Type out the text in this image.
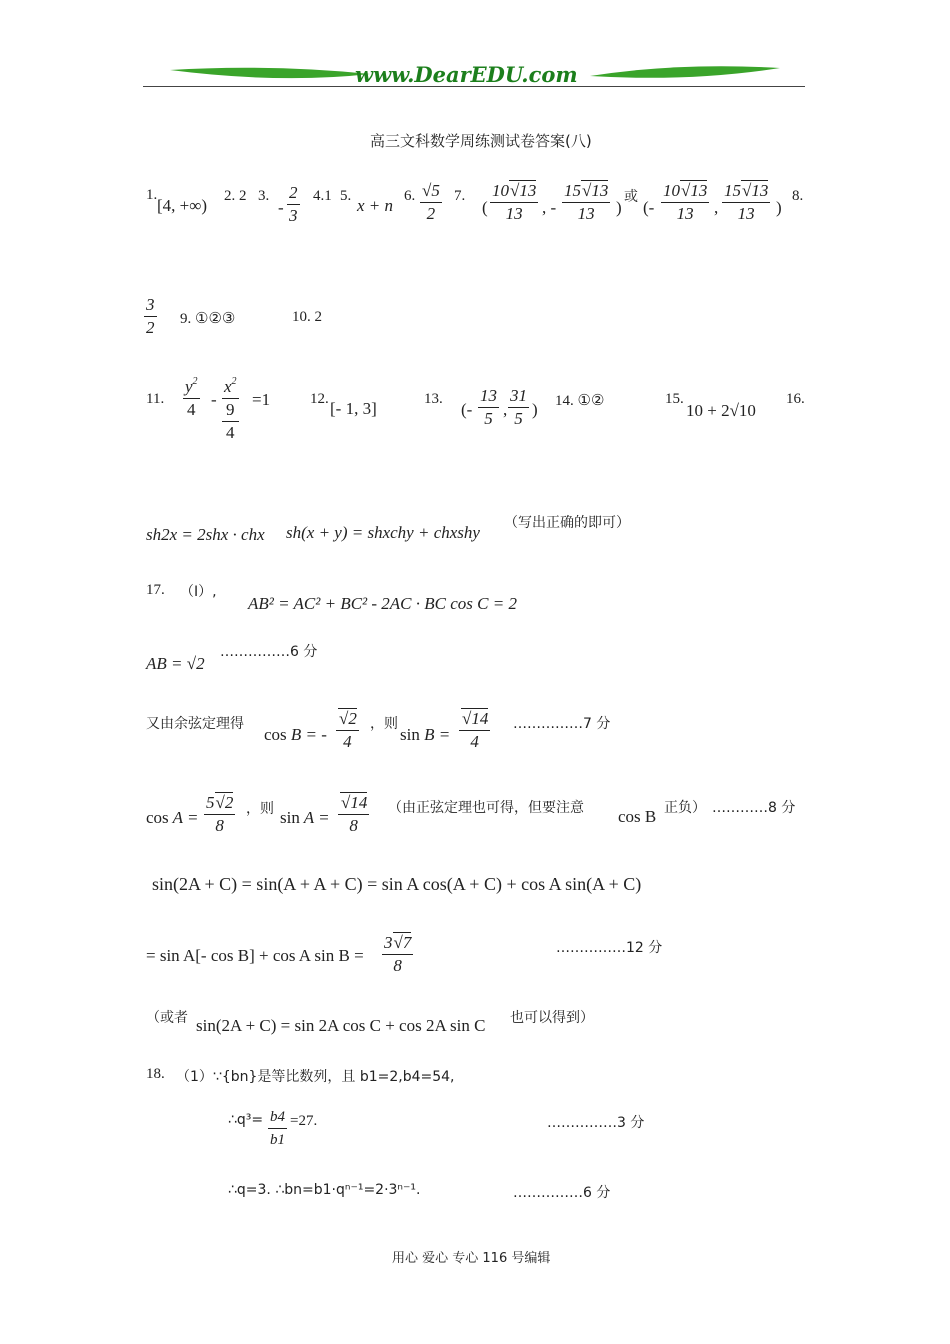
www.DearEDU.com
高三文科数学周练测试卷答案(八)
1.
[4, +∞) 2. 2 3.
- $\frac{2}{3} 4.1$ 5. x + n 6. $\frac{√5}{2} 7$.
( $\frac{10√13}{13}$ , - $\frac{15√13}{13}$ )
或
(- $\frac{10√13}{13}$ , $\frac{15√13}{13}$ )
8.
$\frac{3}{2} 9$. ①②③	10. 2
11. $\frac{y^2}{4}$ -
$x^2$
9
4
=1	12. [- 1, 3]	13.
(- $\frac{13}{5}$ , $\frac{31}{5}$ ) 14. ①②	15.
10 + 2√10
16.
sh2x = 2shx · chx sh(x + y) = shxchy + chxshy （写出正确的即可）
17. （Ⅰ）,
AB² = AC² + BC² - 2AC · BC cos C = 2
AB = √2
……………6 分
又由余弦定理得
cos B = - $\frac{√2}{4}$ ，则
$\sin B = \frac{√14}{4}$ ……………7 分
$\cos A = \frac{5√2}{8}$ ，则 $\sin A = \frac{√14}{8}$ （由正弦定理也可得，但要注意 cos B 正负） …………8 分
sin(2A + C) = sin(A + A + C) = sin A cos(A + C) + cos A sin(A + C)
= sin A[- cos B] + cos A $\sin B = \frac{3√7}{8}$	……………12 分
（或者 sin(2A + C) = sin 2A cos C + cos 2A sin C 也可以得到）
18. （1）∵{bn}是等比数列，且 b1=2,b4=54,
∴q³= $\frac{b4}{b1} =27$.	……………3 分
∴q=3. ∴bn=b1·qⁿ⁻¹=2·3ⁿ⁻¹.	……………6 分
用心 爱心 专心 116 号编辑
